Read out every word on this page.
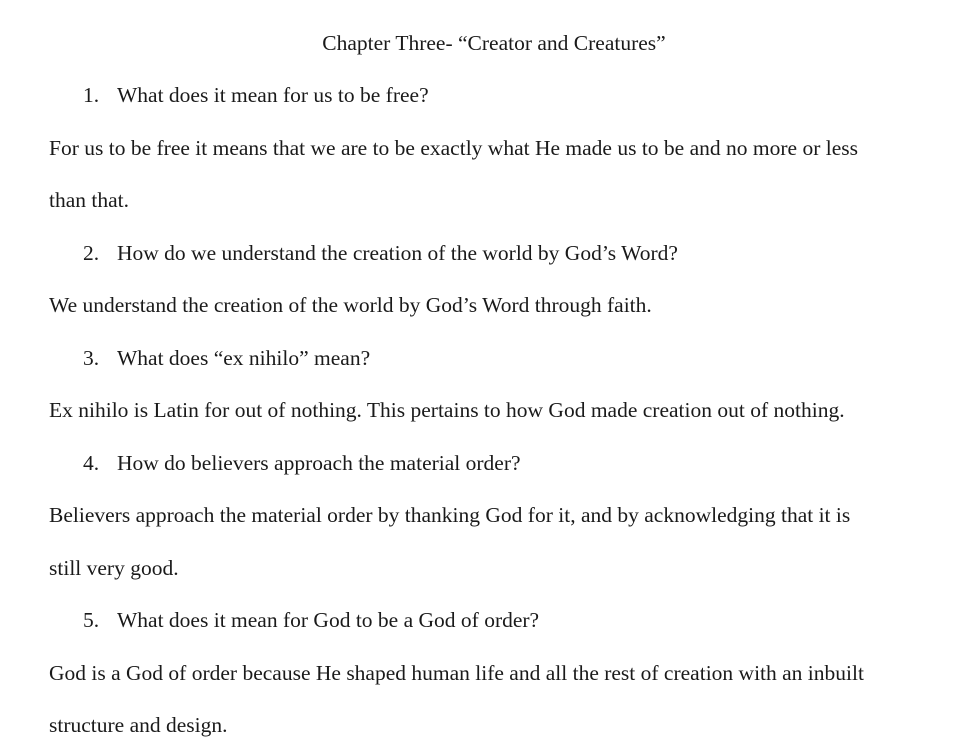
Chapter Three- “Creator and Creatures”
1. What does it mean for us to be free?
For us to be free it means that we are to be exactly what He made us to be and no more or less
than that.
2. How do we understand the creation of the world by God’s Word?
We understand the creation of the world by God’s Word through faith.
3. What does “ex nihilo” mean?
Ex nihilo is Latin for out of nothing. This pertains to how God made creation out of nothing.
4. How do believers approach the material order?
Believers approach the material order by thanking God for it, and by acknowledging that it is
still very good.
5. What does it mean for God to be a God of order?
God is a God of order because He shaped human life and all the rest of creation with an inbuilt
structure and design.
